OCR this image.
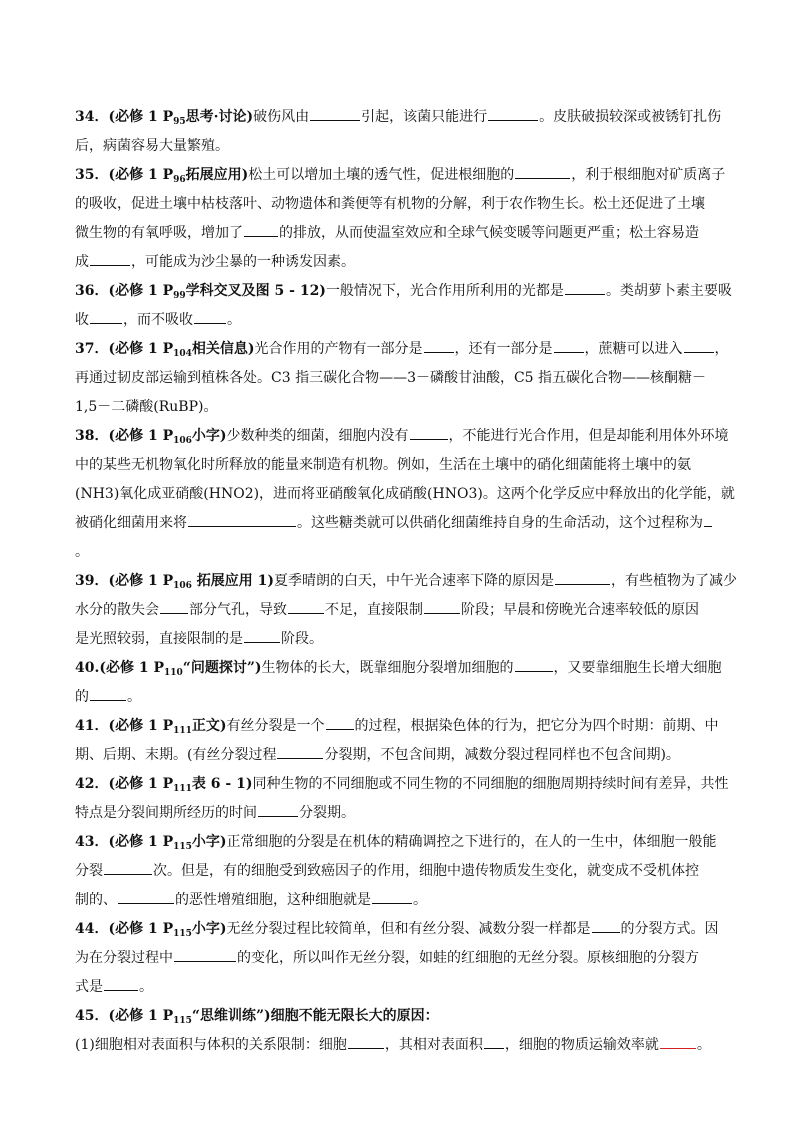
34．(必修 1 $P_{95}$思考·讨论)破伤风由	引起，该菌只能进行	。皮肤破损较深或被锈钉扎伤
后，病菌容易大量繁殖。
35．(必修 1 $P_{96}$拓展应用)松土可以增加土壤的透气性，促进根细胞的	，利于根细胞对矿质离子
的吸收，促进土壤中枯枝落叶、动物遗体和粪便等有机物的分解，利于农作物生长。松土还促进了土壤
微生物的有氧呼吸，增加了	的排放，从而使温室效应和全球气候变暖等问题更严重；松土容易造
成	，可能成为沙尘暴的一种诱发因素。
36．(必修 1 $P_{99}$学科交叉及图 5 - 12)一般情况下，光合作用所利用的光都是	。类胡萝卜素主要吸
收 ，而不吸收 。
37．(必修 1 $P_{104}$相关信息)光合作用的产物有一部分是 ，还有一部分是 ，蔗糖可以进入 ，
再通过韧皮部运输到植株各处。C3 指三碳化合物——3－磷酸甘油酸，C5 指五碳化合物——核酮糖－
1,5－二磷酸(RuBP)。
38．(必修 1 $P_{106}$小字)少数种类的细菌，细胞内没有	，不能进行光合作用，但是却能利用体外环境
中的某些无机物氧化时所释放的能量来制造有机物。例如，生活在土壤中的硝化细菌能将土壤中的氨
(NH3)氧化成亚硝酸(HNO2)，进而将亚硝酸氧化成硝酸(HNO3)。这两个化学反应中释放出的化学能，就
被硝化细菌用来将	。这些糖类就可以供硝化细菌维持自身的生命活动，这个过程称为
。
39．(必修 1 $P_{106}$ 拓展应用 1)夏季晴朗的白天，中午光合速率下降的原因是	，有些植物为了减少
水分的散失会 部分气孔，导致	不足，直接限制	阶段；早晨和傍晚光合速率较低的原因
是光照较弱，直接限制的是	阶段。
40.(必修 1 $P_{110}“$问题探讨”)生物体的长大，既靠细胞分裂增加细胞的	，又要靠细胞生长增大细胞
的	。
41．(必修 1 $P_{111}$正文)有丝分裂是一个 的过程，根据染色体的行为，把它分为四个时期：前期、中
期、后期、末期。(有丝分裂过程	分裂期，不包含间期，减数分裂过程同样也不包含间期)。
42．(必修 1 $P_{111}$表 6 - 1)同种生物的不同细胞或不同生物的不同细胞的细胞周期持续时间有差异，共性
特点是分裂间期所经历的时间	分裂期。
43．(必修 1 $P_{115}$小字)正常细胞的分裂是在机体的精确调控之下进行的，在人的一生中，体细胞一般能
分裂	次。但是，有的细胞受到致癌因子的作用，细胞中遗传物质发生变化，就变成不受机体控
制的、	的恶性增殖细胞，这种细胞就是	。
44．(必修 1 $P_{115}$小字)无丝分裂过程比较简单，但和有丝分裂、减数分裂一样都是 的分裂方式。因
为在分裂过程中	的变化，所以叫作无丝分裂，如蛙的红细胞的无丝分裂。原核细胞的分裂方
式是	。
45．(必修 1 $P_{115}“$思维训练”)细胞不能无限长大的原因：
(1)细胞相对表面积与体积的关系限制：细胞	，其相对表面积 ，细胞的物质运输效率就	。
